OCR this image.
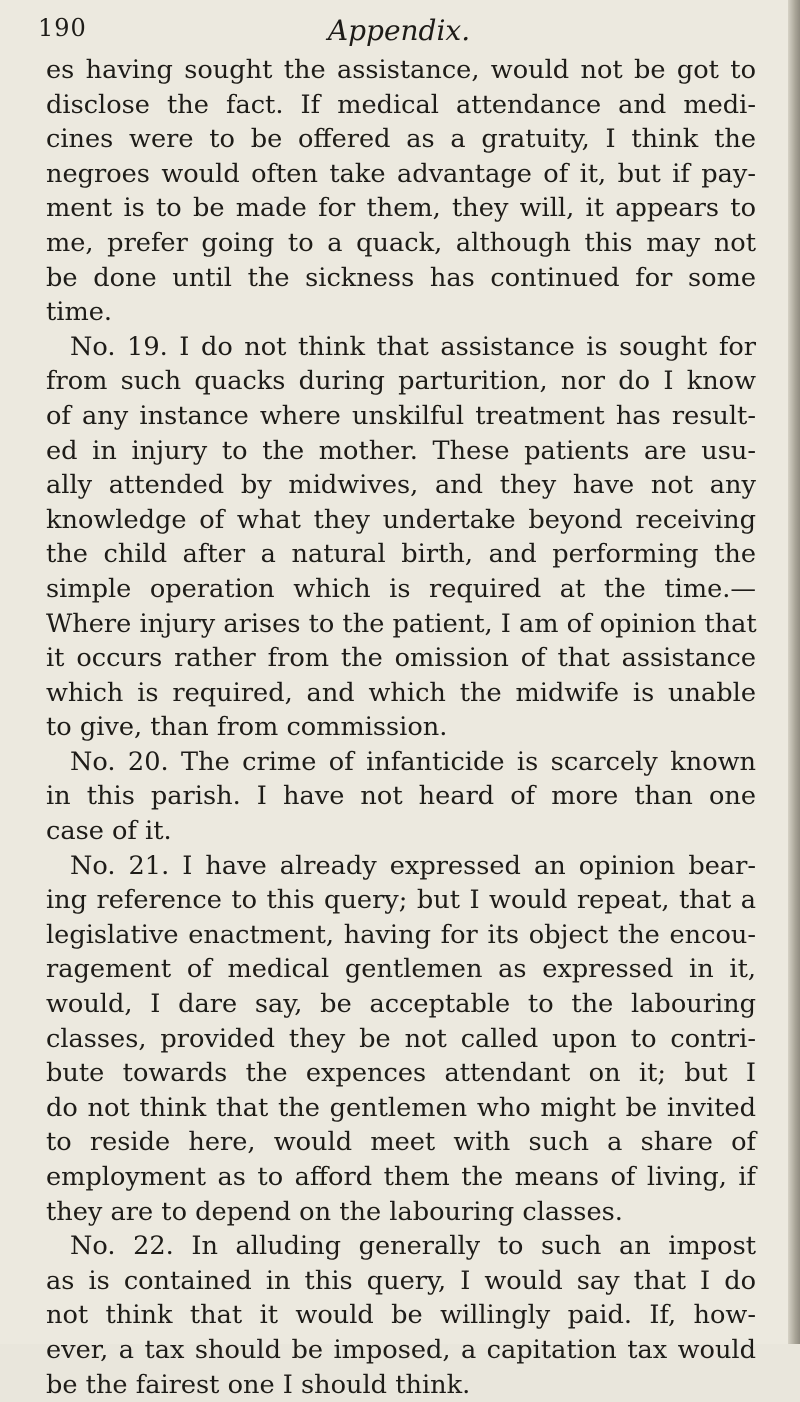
190	Appendix.
es having sought the assistance, would not be got to
disclose the fact. If medical attendance and medi-
cines were to be offered as a gratuity, I think the
negroes would often take advantage of it, but if pay-
ment is to be made for them, they will, it appears to
me, prefer going to a quack, although this may not
be done until the sickness has continued for some
time.
No. 19. I do not think that assistance is sought for
from such quacks during parturition, nor do I know
of any instance where unskilful treatment has result-
ed in injury to the mother. These patients are usu-
ally attended by midwives, and they have not any
knowledge of what they undertake beyond receiving
the child after a natural birth, and performing the
simple operation which is required at the time.—
Where injury arises to the patient, I am of opinion that
it occurs rather from the omission of that assistance
which is required, and which the midwife is unable
to give, than from commission.
No. 20. The crime of infanticide is scarcely known
in this parish. I have not heard of more than one
case of it.
No. 21. I have already expressed an opinion bear-
ing reference to this query; but I would repeat, that a
legislative enactment, having for its object the encou-
ragement of medical gentlemen as expressed in it,
would, I dare say, be acceptable to the labouring
classes, provided they be not called upon to contri-
bute towards the expences attendant on it; but I
do not think that the gentlemen who might be invited
to reside here, would meet with such a share of
employment as to afford them the means of living, if
they are to depend on the labouring classes.
No. 22. In alluding generally to such an impost
as is contained in this query, I would say that I do
not think that it would be willingly paid. If, how-
ever, a tax should be imposed, a capitation tax would
be the fairest one I should think.
